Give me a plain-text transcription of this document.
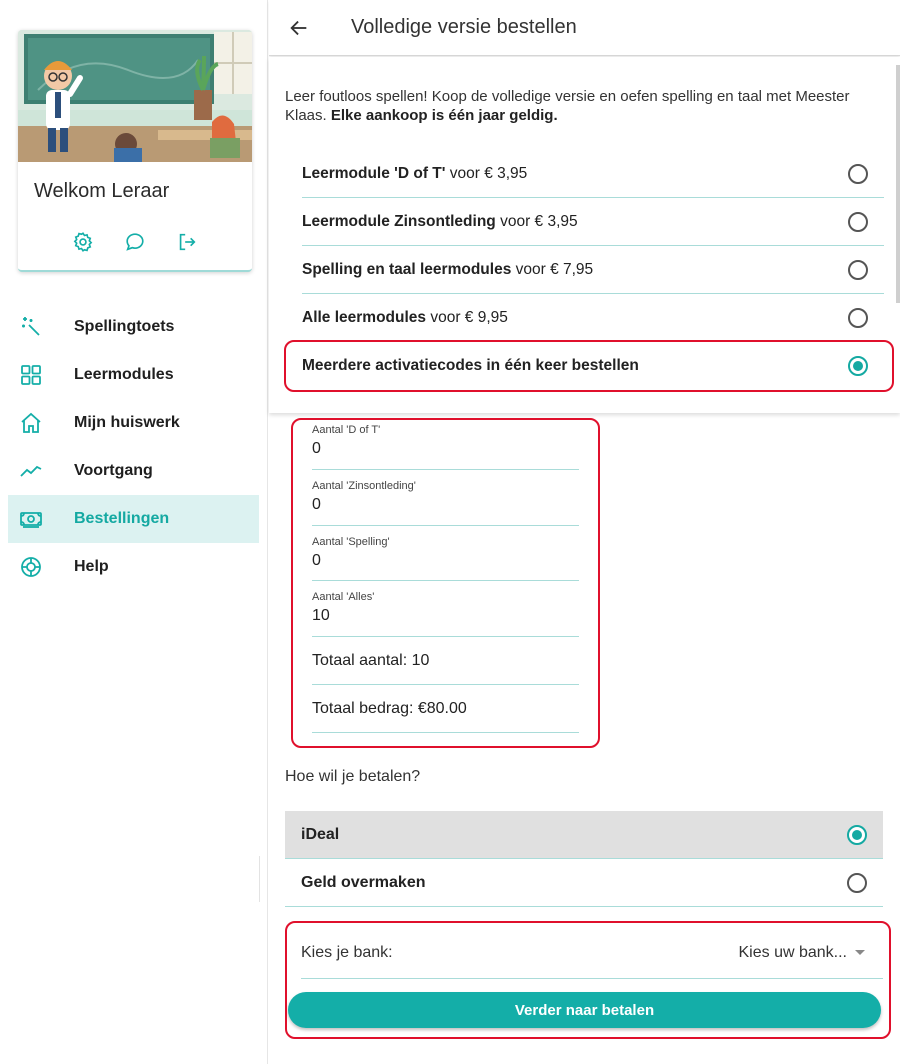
Welkom Leraar
Spellingtoets
Leermodules
Mijn huiswerk
Voortgang
Bestellingen
Help
Volledige versie bestellen

Leer foutloos spellen! Koop de volledige versie en oefen spelling en taal met Meester Klaas. Elke aankoop is één jaar geldig.

Leermodule 'D of T' voor € 3,95
Leermodule Zinsontleding voor € 3,95
Spelling en taal leermodules voor € 7,95
Alle leermodules voor € 9,95
Meerdere activatiecodes in één keer bestellen
Aantal 'D of T'
0
Aantal 'Zinsontleding'
0
Aantal 'Spelling'
0
Aantal 'Alles'
10
Totaal aantal: 10
Totaal bedrag: €80.00
Hoe wil je betalen?
iDeal
Geld overmaken
Kies je bank:	Kies uw bank...
Verder naar betalen
